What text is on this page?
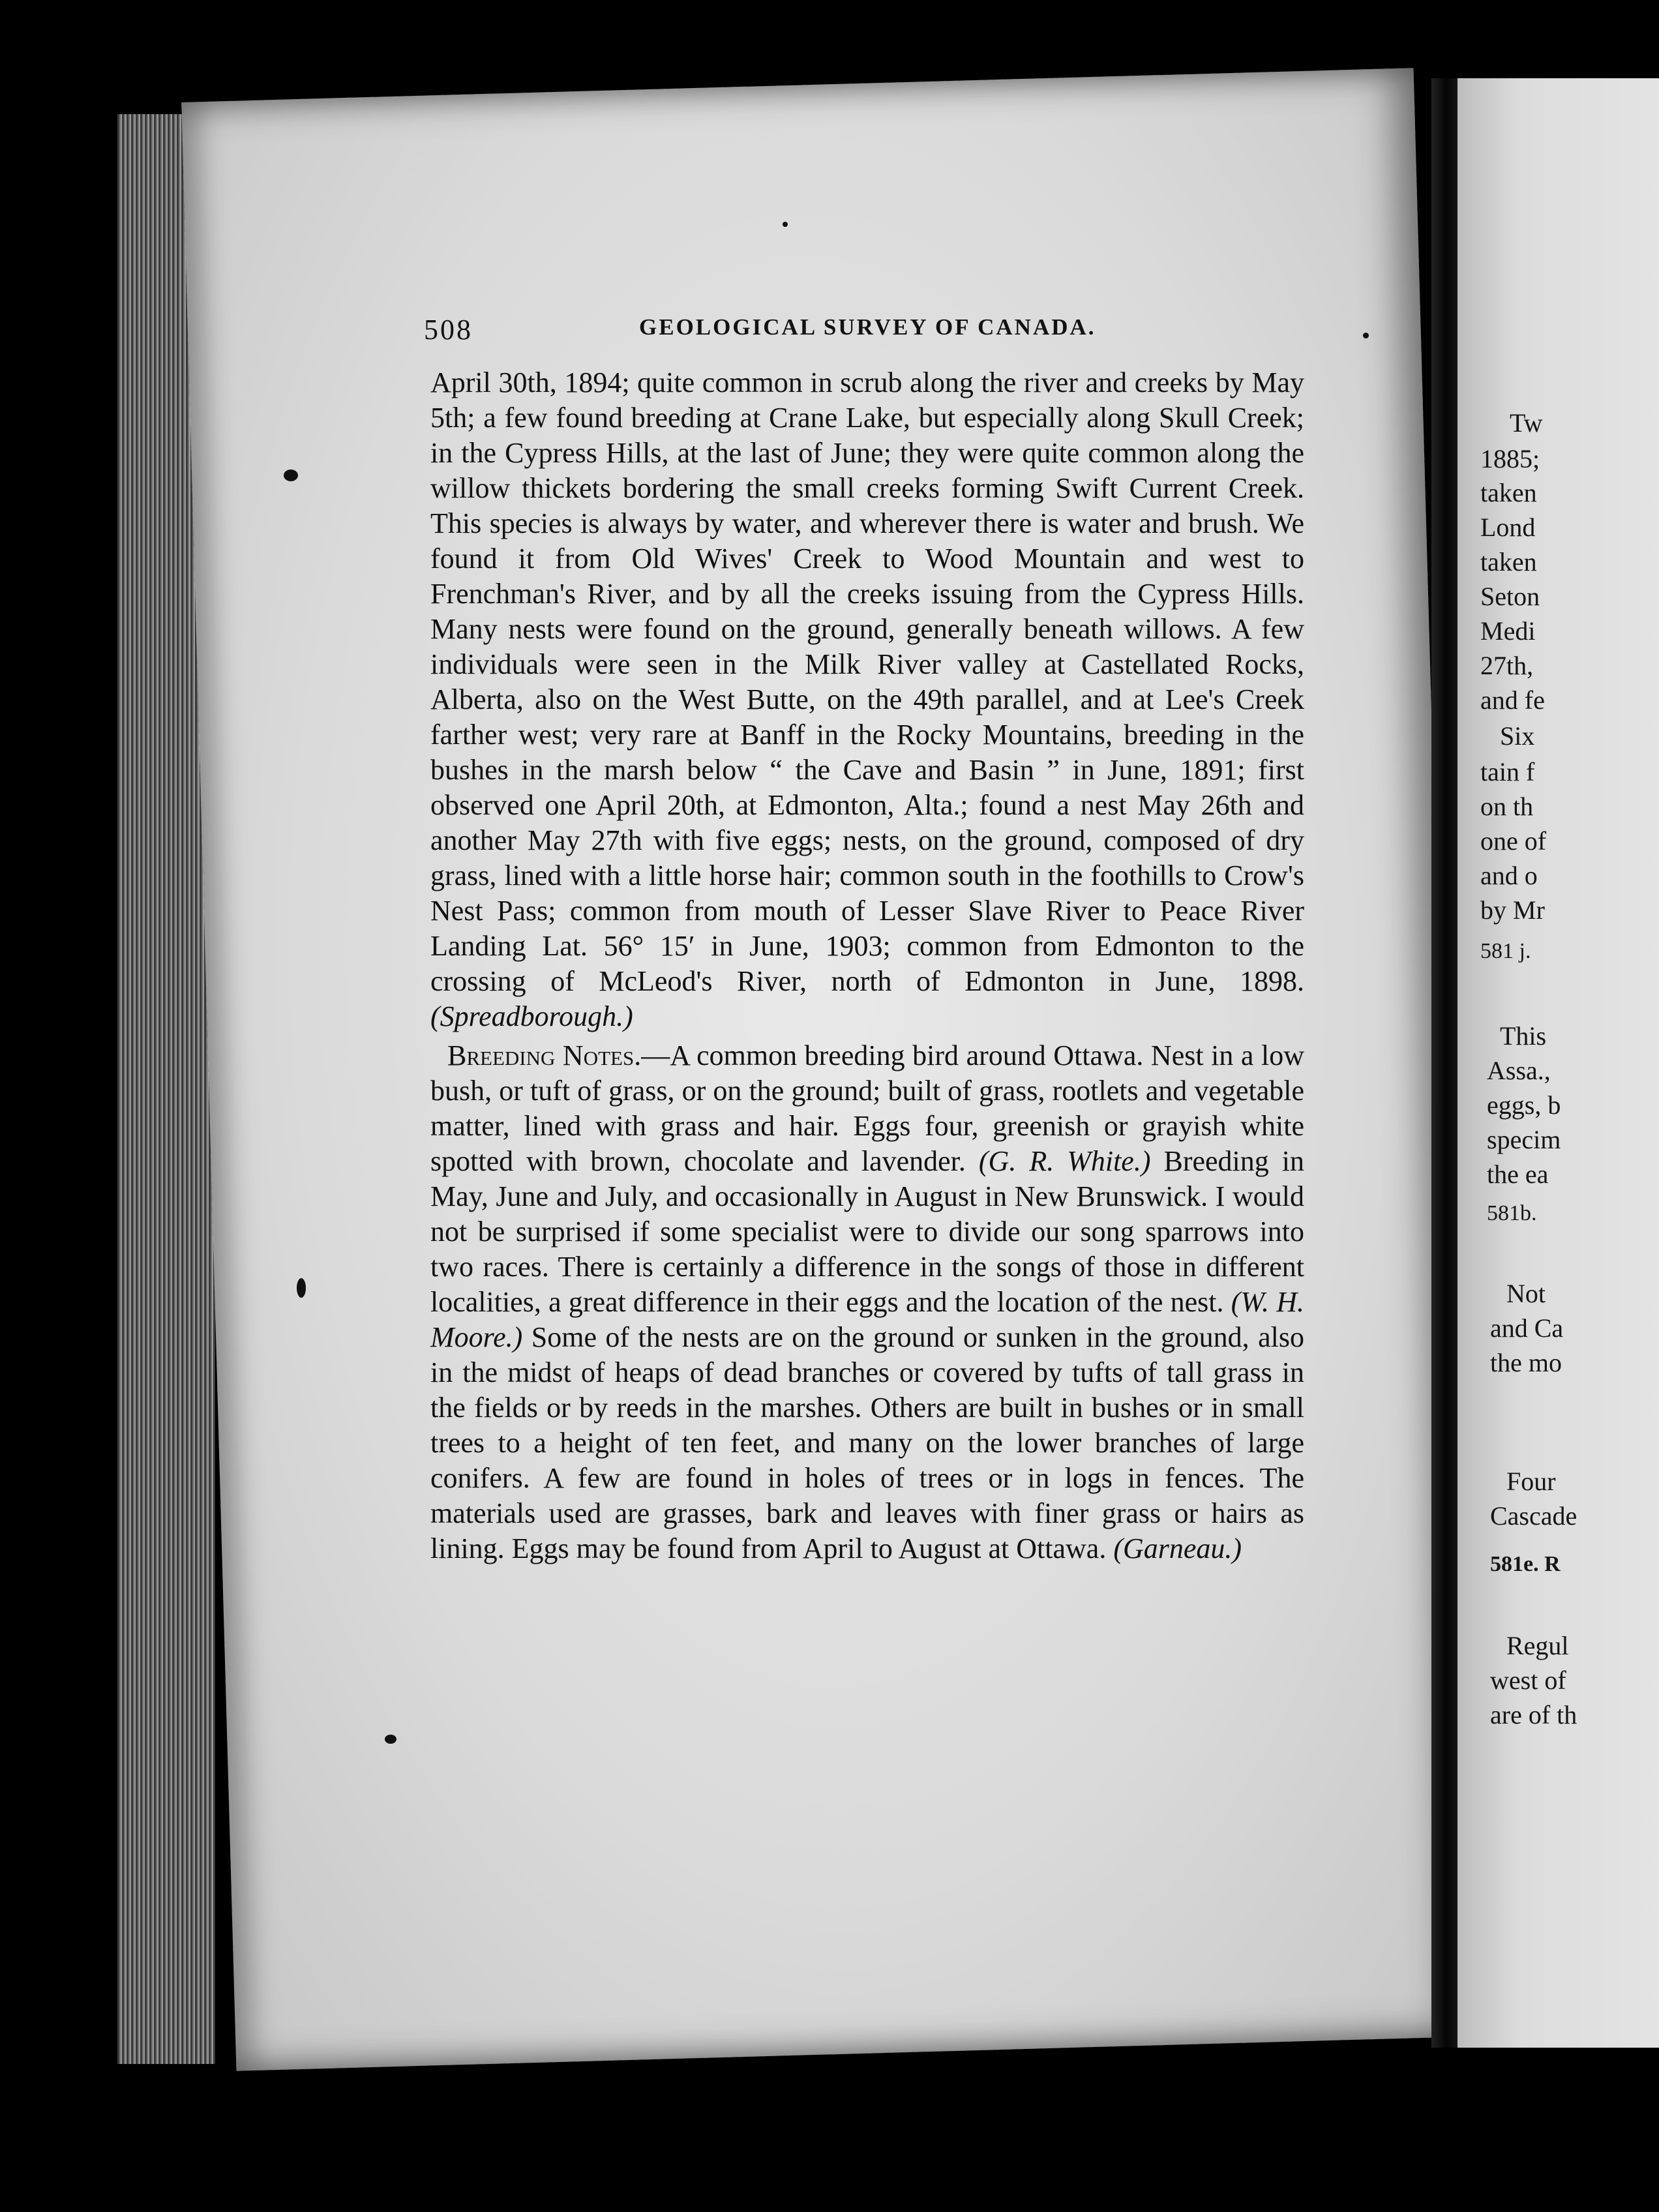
Tw
1885;
taken
Lond
taken
Seton
Medi
27th,
and fe
Six
tain f
on th
one of
and o
by Mr
581 j.
This
Assa.,
eggs, b
specim
the ea
581b.
Not
and Ca
the mo
Four
Cascade
581e. R
Regul
west of
are of th
508	GEOLOGICAL SURVEY OF CANADA.

April 30th, 1894; quite common in scrub along the river and creeks by May 5th; a few found breeding at Crane Lake, but especially along Skull Creek; in the Cypress Hills, at the last of June; they were quite common along the willow thickets bordering the small creeks forming Swift Current Creek. This species is always by water, and wherever there is water and brush. We found it from Old Wives' Creek to Wood Mountain and west to Frenchman's River, and by all the creeks issuing from the Cypress Hills. Many nests were found on the ground, generally beneath willows. A few individuals were seen in the Milk River valley at Castellated Rocks, Alberta, also on the West Butte, on the 49th parallel, and at Lee's Creek farther west; very rare at Banff in the Rocky Mountains, breeding in the bushes in the marsh below “ the Cave and Basin ” in June, 1891; first observed one April 20th, at Edmonton, Alta.; found a nest May 26th and another May 27th with five eggs; nests, on the ground, composed of dry grass, lined with a little horse hair; common south in the foothills to Crow's Nest Pass; common from mouth of Lesser Slave River to Peace River Landing Lat. 56° 15′ in June, 1903; common from Edmonton to the crossing of McLeod's River, north of Edmonton in June, 1898. (Spreadborough.)

Breeding Notes.—A common breeding bird around Ottawa. Nest in a low bush, or tuft of grass, or on the ground; built of grass, rootlets and vegetable matter, lined with grass and hair. Eggs four, greenish or grayish white spotted with brown, chocolate and lavender. (G. R. White.) Breeding in May, June and July, and occasionally in August in New Brunswick. I would not be surprised if some specialist were to divide our song sparrows into two races. There is certainly a difference in the songs of those in different localities, a great difference in their eggs and the location of the nest. (W. H. Moore.) Some of the nests are on the ground or sunken in the ground, also in the midst of heaps of dead branches or covered by tufts of tall grass in the fields or by reeds in the marshes. Others are built in bushes or in small trees to a height of ten feet, and many on the lower branches of large conifers. A few are found in holes of trees or in logs in fences. The materials used are grasses, bark and leaves with finer grass or hairs as lining. Eggs may be found from April to August at Ottawa. (Garneau.)
